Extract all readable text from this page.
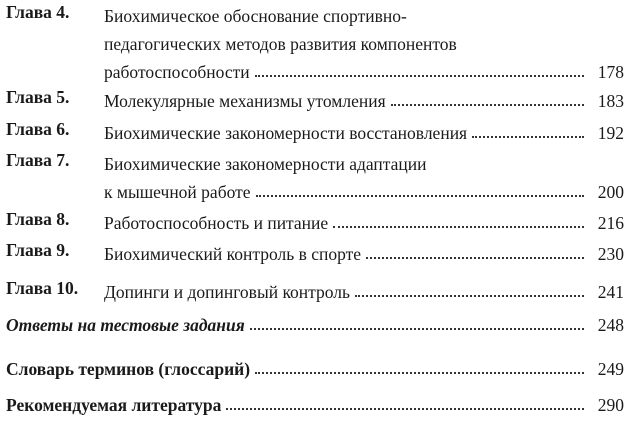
Глава 4. Биохимическое обоснование спортивно-
педагогических методов развития компонентов
работоспособности	178
Глава 5. Молекулярные механизмы утомления	183
Глава 6. Биохимические закономерности восстановления	192
Глава 7. Биохимические закономерности адаптации
к мышечной работе	200
Глава 8. Работоспособность и питание	216
Глава 9. Биохимический контроль в спорте	230
Глава 10. Допинги и допинговый контроль	241
Ответы на тестовые задания	248
Словарь терминов (глоссарий)	249
Рекомендуемая литература	290
